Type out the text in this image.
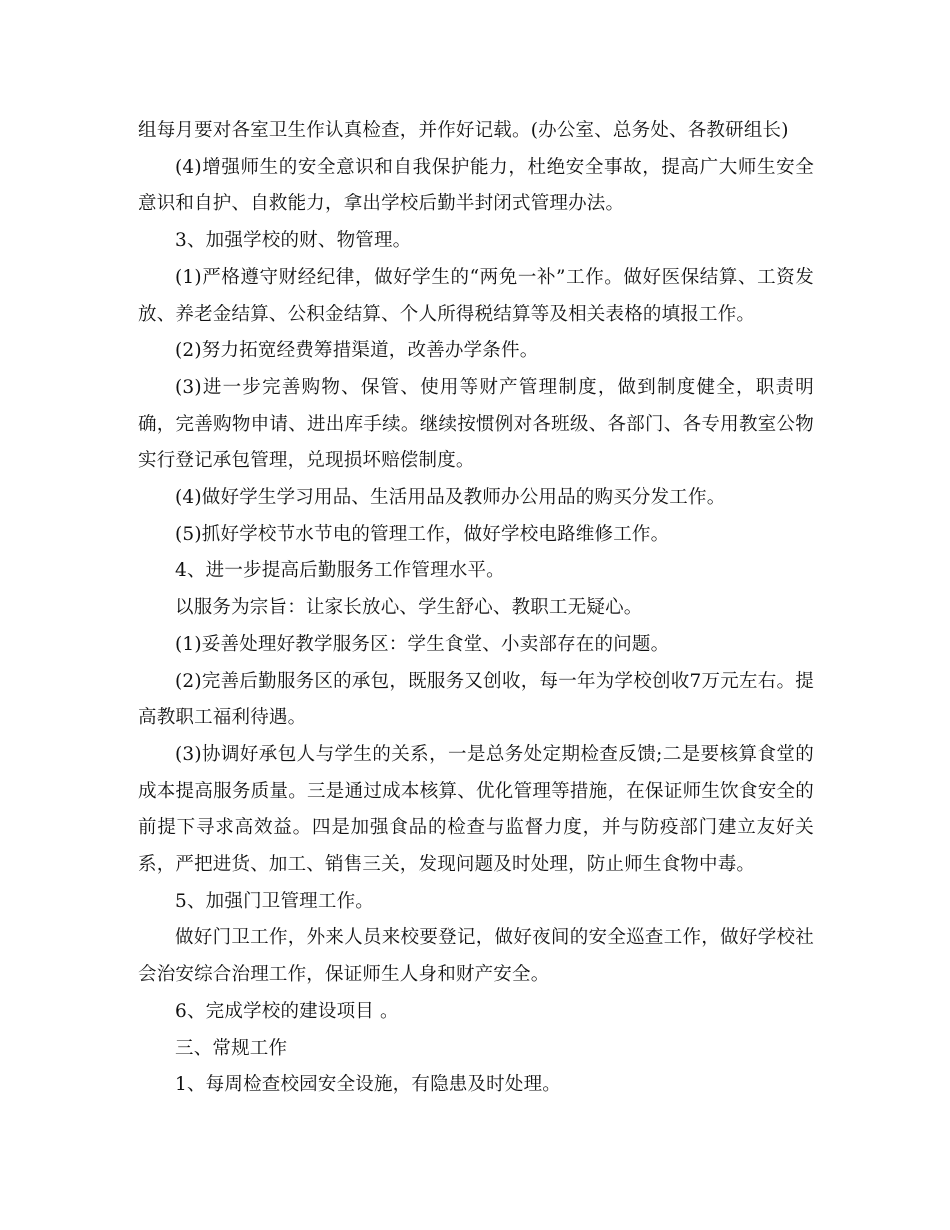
组每月要对各室卫生作认真检查，并作好记载。(办公室、总务处、各教研组长)

(4)增强师生的安全意识和自我保护能力，杜绝安全事故，提高广大师生安全意识和自护、自救能力，拿出学校后勤半封闭式管理办法。

3、加强学校的财、物管理。

(1)严格遵守财经纪律，做好学生的“两免一补”工作。做好医保结算、工资发放、养老金结算、公积金结算、个人所得税结算等及相关表格的填报工作。

(2)努力拓宽经费筹措渠道，改善办学条件。

(3)进一步完善购物、保管、使用等财产管理制度，做到制度健全，职责明确，完善购物申请、进出库手续。继续按惯例对各班级、各部门、各专用教室公物实行登记承包管理，兑现损坏赔偿制度。

(4)做好学生学习用品、生活用品及教师办公用品的购买分发工作。

(5)抓好学校节水节电的管理工作，做好学校电路维修工作。

4、进一步提高后勤服务工作管理水平。

以服务为宗旨：让家长放心、学生舒心、教职工无疑心。

(1)妥善处理好教学服务区：学生食堂、小卖部存在的问题。

(2)完善后勤服务区的承包，既服务又创收，每一年为学校创收7万元左右。提高教职工福利待遇。

(3)协调好承包人与学生的关系，一是总务处定期检查反馈;二是要核算食堂的成本提高服务质量。三是通过成本核算、优化管理等措施，在保证师生饮食安全的前提下寻求高效益。四是加强食品的检查与监督力度，并与防疫部门建立友好关系，严把进货、加工、销售三关，发现问题及时处理，防止师生食物中毒。

5、加强门卫管理工作。

做好门卫工作，外来人员来校要登记，做好夜间的安全巡查工作，做好学校社会治安综合治理工作，保证师生人身和财产安全。

6、完成学校的建设项目 。

三、常规工作

1、每周检查校园安全设施，有隐患及时处理。
